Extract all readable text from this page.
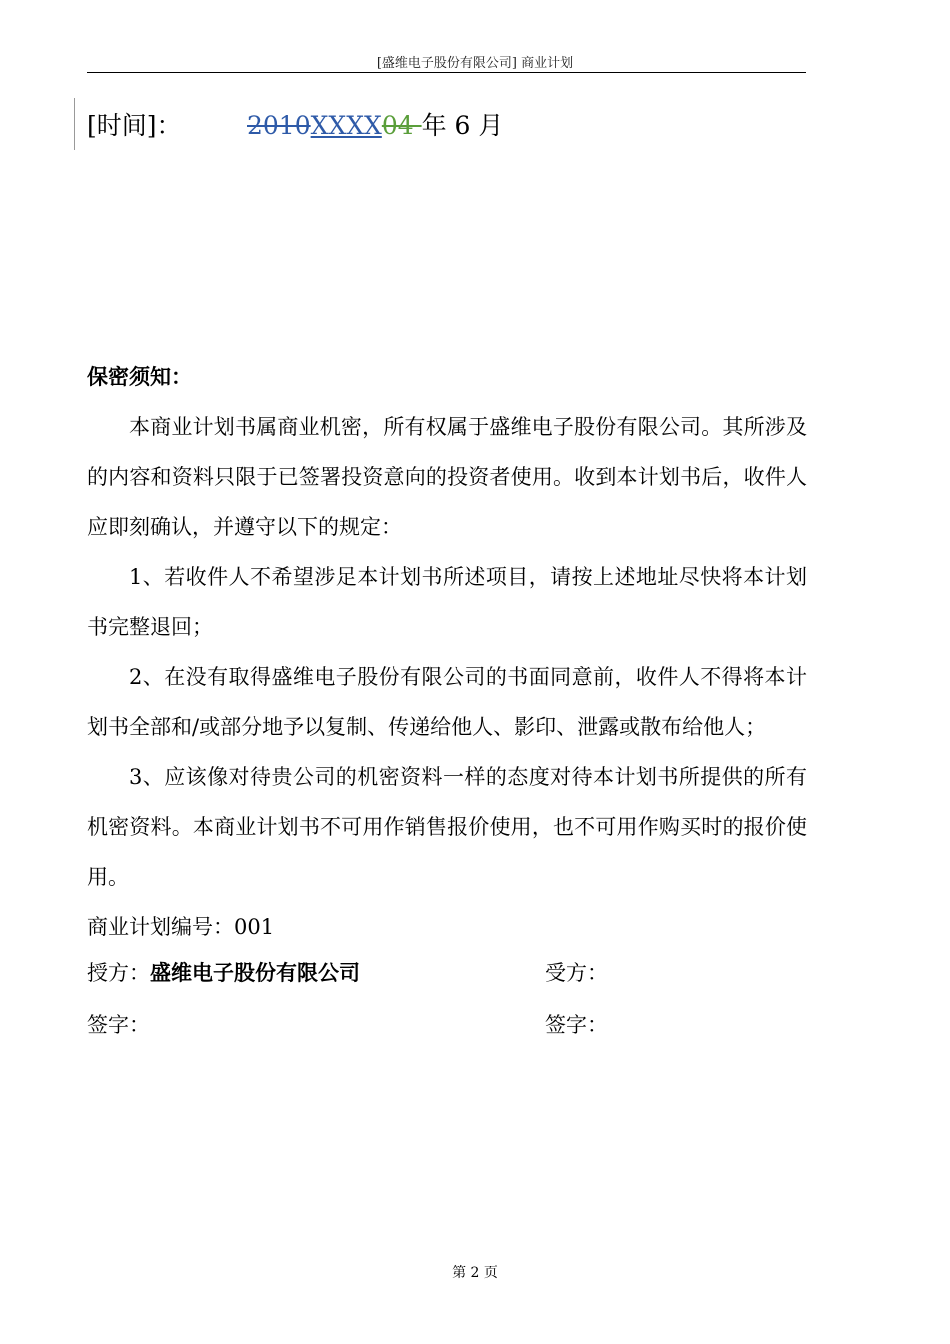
[盛维电子股份有限公司] 商业计划
[时间]：	2010XXXX04 年 6 月
保密须知：

本商业计划书属商业机密，所有权属于盛维电子股份有限公司。其所涉及的内容和资料只限于已签署投资意向的投资者使用。收到本计划书后，收件人应即刻确认，并遵守以下的规定：

1、若收件人不希望涉足本计划书所述项目，请按上述地址尽快将本计划书完整退回；

2、在没有取得盛维电子股份有限公司的书面同意前，收件人不得将本计划书全部和/或部分地予以复制、传递给他人、影印、泄露或散布给他人；

3、应该像对待贵公司的机密资料一样的态度对待本计划书所提供的所有机密资料。本商业计划书不可用作销售报价使用，也不可用作购买时的报价使用。

商业计划编号：001

授方：盛维电子股份有限公司	受方：
签字：	签字：
第 2 页
